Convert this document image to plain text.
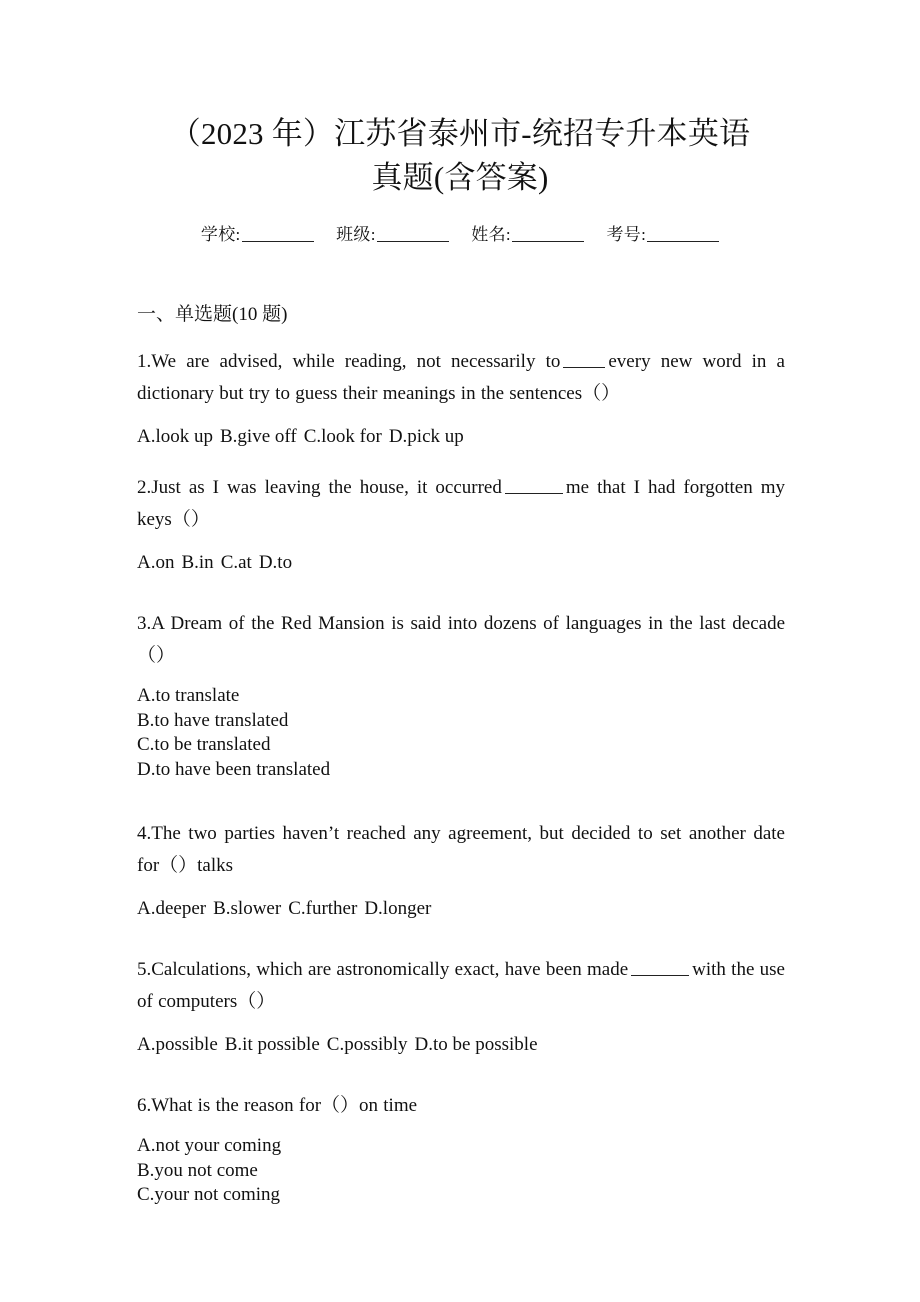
（2023 年）江苏省泰州市-统招专升本英语
真题(含答案)
学校:	班级:	姓名:	考号:
一、单选题(10 题)

1.We are advised, while reading, not necessarily to	every new word in a dictionary but try to guess their meanings in the sentences（）

A.look up B.give off C.look for D.pick up

2.Just as I was leaving the house, it occurred	me that I had forgotten my keys（）

A.on B.in C.at D.to

3.A Dream of the Red Mansion is said into dozens of languages in the last decade（）

A.to translate
B.to have translated
C.to be translated
D.to have been translated

4.The two parties haven’t reached any agreement, but decided to set another date for（）talks

A.deeper B.slower C.further D.longer

5.Calculations, which are astronomically exact, have been made	with the use of computers（）

A.possible B.it possible C.possibly D.to be possible

6.What is the reason for（）on time

A.not your coming
B.you not come
C.your not coming
